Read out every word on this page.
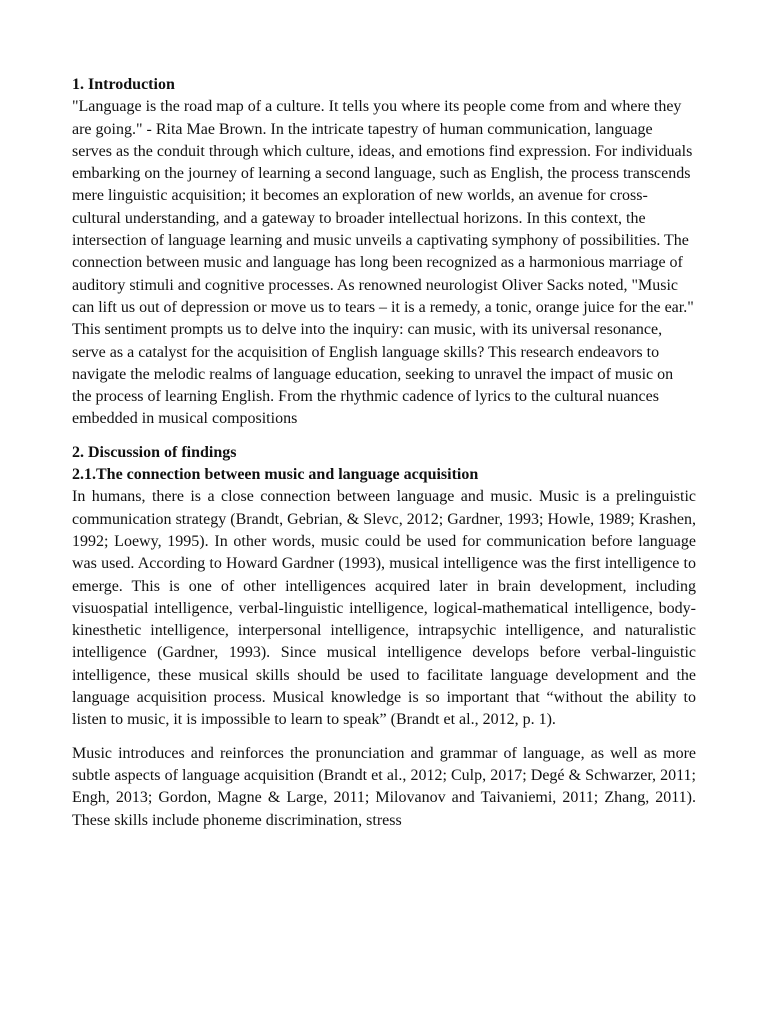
1. Introduction

"Language is the road map of a culture. It tells you where its people come from and where they are going." - Rita Mae Brown. In the intricate tapestry of human communication, language serves as the conduit through which culture, ideas, and emotions find expression. For individuals embarking on the journey of learning a second language, such as English, the process transcends mere linguistic acquisition; it becomes an exploration of new worlds, an avenue for cross-cultural understanding, and a gateway to broader intellectual horizons. In this context, the intersection of language learning and music unveils a captivating symphony of possibilities. The connection between music and language has long been recognized as a harmonious marriage of auditory stimuli and cognitive processes. As renowned neurologist Oliver Sacks noted, "Music can lift us out of depression or move us to tears – it is a remedy, a tonic, orange juice for the ear." This sentiment prompts us to delve into the inquiry: can music, with its universal resonance, serve as a catalyst for the acquisition of English language skills? This research endeavors to navigate the melodic realms of language education, seeking to unravel the impact of music on the process of learning English. From the rhythmic cadence of lyrics to the cultural nuances embedded in musical compositions

2. Discussion of findings
2.1.The connection between music and language acquisition

In humans, there is a close connection between language and music. Music is a prelinguistic communication strategy (Brandt, Gebrian, & Slevc, 2012; Gardner, 1993; Howle, 1989; Krashen, 1992; Loewy, 1995). In other words, music could be used for communication before language was used. According to Howard Gardner (1993), musical intelligence was the first intelligence to emerge. This is one of other intelligences acquired later in brain development, including visuospatial intelligence, verbal-linguistic intelligence, logical-mathematical intelligence, body-kinesthetic intelligence, interpersonal intelligence, intrapsychic intelligence, and naturalistic intelligence (Gardner, 1993). Since musical intelligence develops before verbal-linguistic intelligence, these musical skills should be used to facilitate language development and the language acquisition process. Musical knowledge is so important that “without the ability to listen to music, it is impossible to learn to speak” (Brandt et al., 2012, p. 1).

Music introduces and reinforces the pronunciation and grammar of language, as well as more subtle aspects of language acquisition (Brandt et al., 2012; Culp, 2017; Degé & Schwarzer, 2011; Engh, 2013; Gordon, Magne & Large, 2011; Milovanov and Taivaniemi, 2011; Zhang, 2011). These skills include phoneme discrimination, stress
